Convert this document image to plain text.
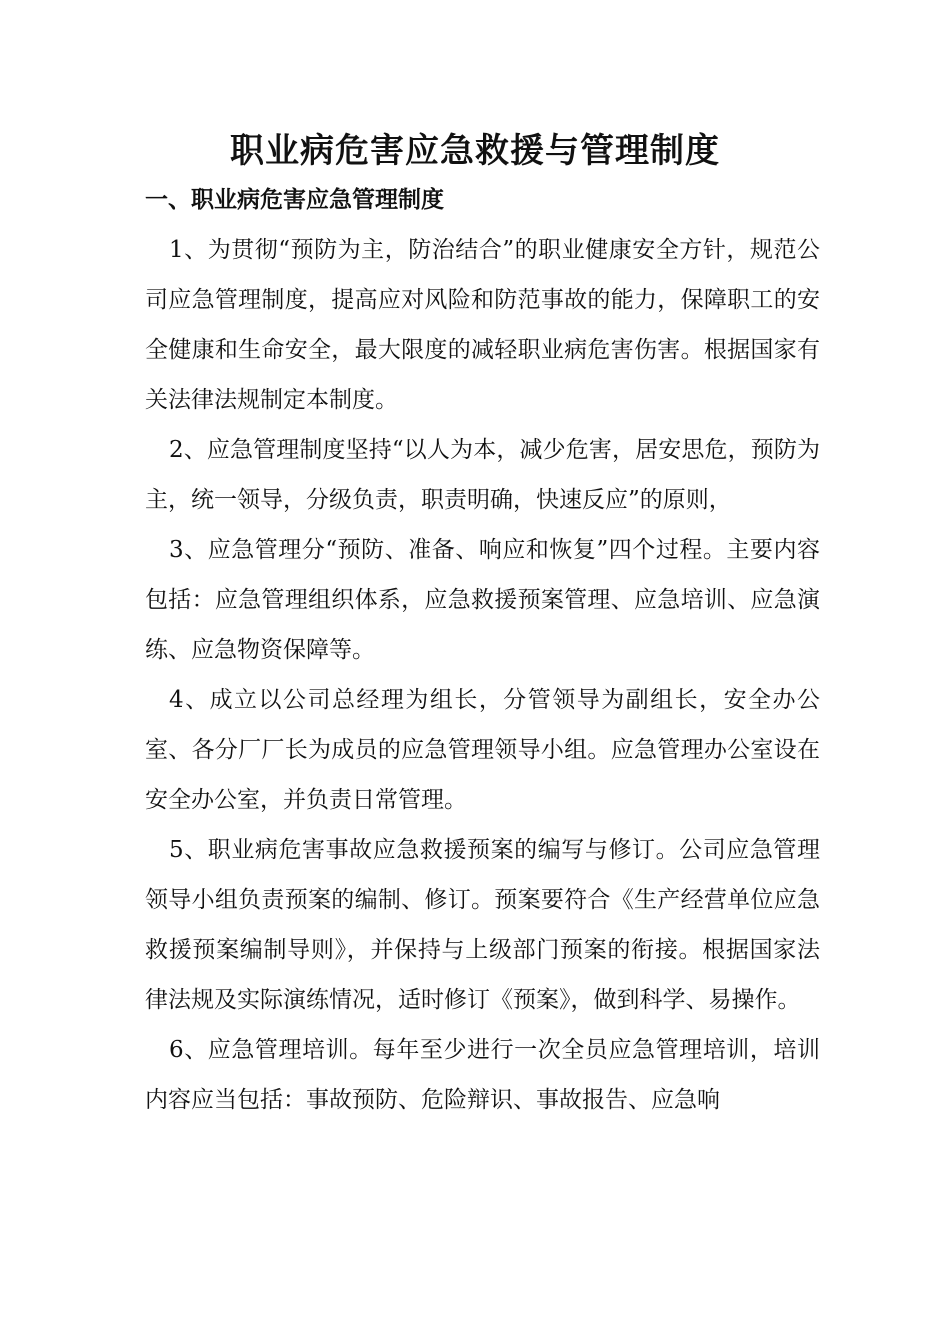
职业病危害应急救援与管理制度
一、职业病危害应急管理制度

1、为贯彻“预防为主，防治结合”的职业健康安全方针，规范公司应急管理制度，提高应对风险和防范事故的能力，保障职工的安全健康和生命安全，最大限度的减轻职业病危害伤害。根据国家有关法律法规制定本制度。

2、应急管理制度坚持“以人为本，减少危害，居安思危，预防为主，统一领导，分级负责，职责明确，快速反应”的原则，

3、应急管理分“预防、准备、响应和恢复”四个过程。主要内容包括：应急管理组织体系，应急救援预案管理、应急培训、应急演练、应急物资保障等。

4、成立以公司总经理为组长，分管领导为副组长，安全办公室、各分厂厂长为成员的应急管理领导小组。应急管理办公室设在安全办公室，并负责日常管理。

5、职业病危害事故应急救援预案的编写与修订。公司应急管理领导小组负责预案的编制、修订。预案要符合《生产经营单位应急救援预案编制导则》，并保持与上级部门预案的衔接。根据国家法律法规及实际演练情况，适时修订《预案》，做到科学、易操作。

6、应急管理培训。每年至少进行一次全员应急管理培训，培训内容应当包括：事故预防、危险辩识、事故报告、应急响
